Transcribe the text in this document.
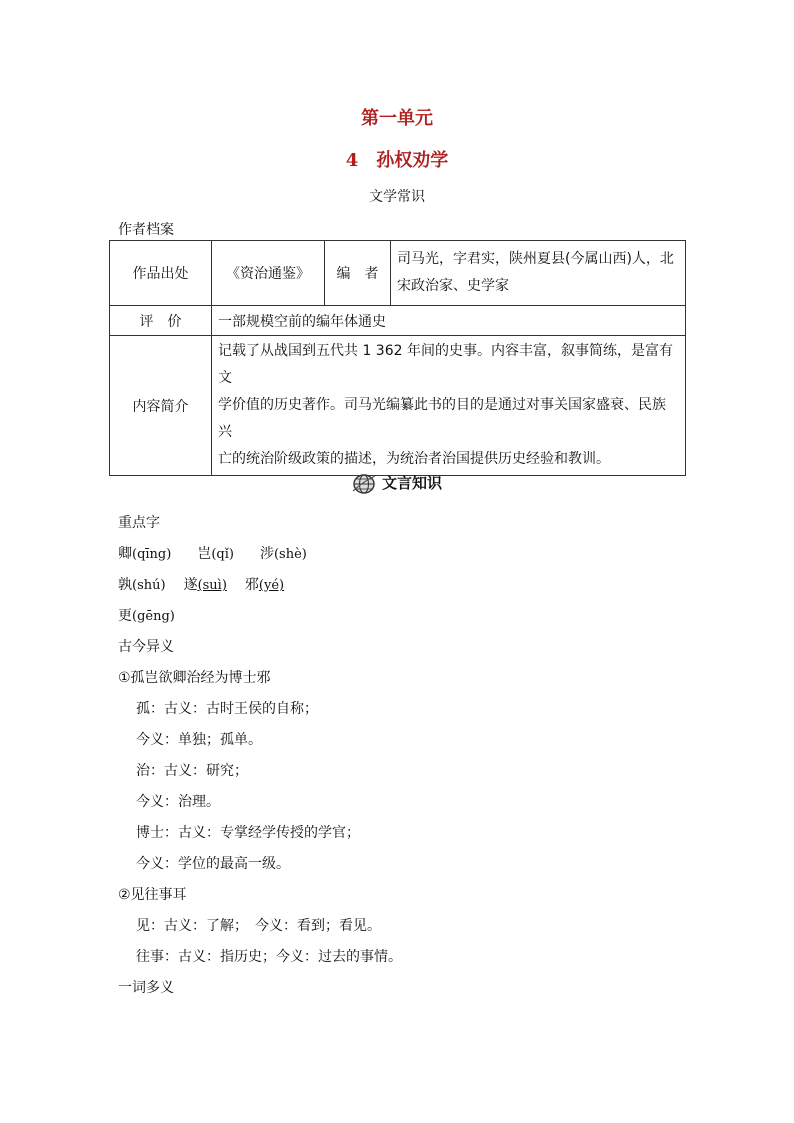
第一单元
4 孙权劝学
文学常识
作者档案
作品出处	《资治通鉴》	编　者	司马光，字君实，陕州夏县(今属山西)人，北
宋政治家、史学家

评　价	一部规模空前的编年体通史		
内容简介	记载了从战国到五代共 1 362 年间的史事。内容丰富，叙事简练，是富有文
学价值的历史著作。司马光编纂此书的目的是通过对事关国家盛衰、民族兴
亡的统治阶级政策的描述，为统治者治国提供历史经验和教训。		
文言知识
重点字
卿(qīng) 岂(qǐ) 涉(shè)
孰(shú) 遂(suì) 邪(yé)
更(gēng)
古今异义
①孤岂欲卿治经为博士邪
孤：古义：古时王侯的自称；
今义：单独；孤单。
治：古义：研究；
今义：治理。
博士：古义：专掌经学传授的学官；
今义：学位的最高一级。
②见往事耳
见：古义：了解；　今义：看到；看见。
往事：古义：指历史；今义：过去的事情。
一词多义
